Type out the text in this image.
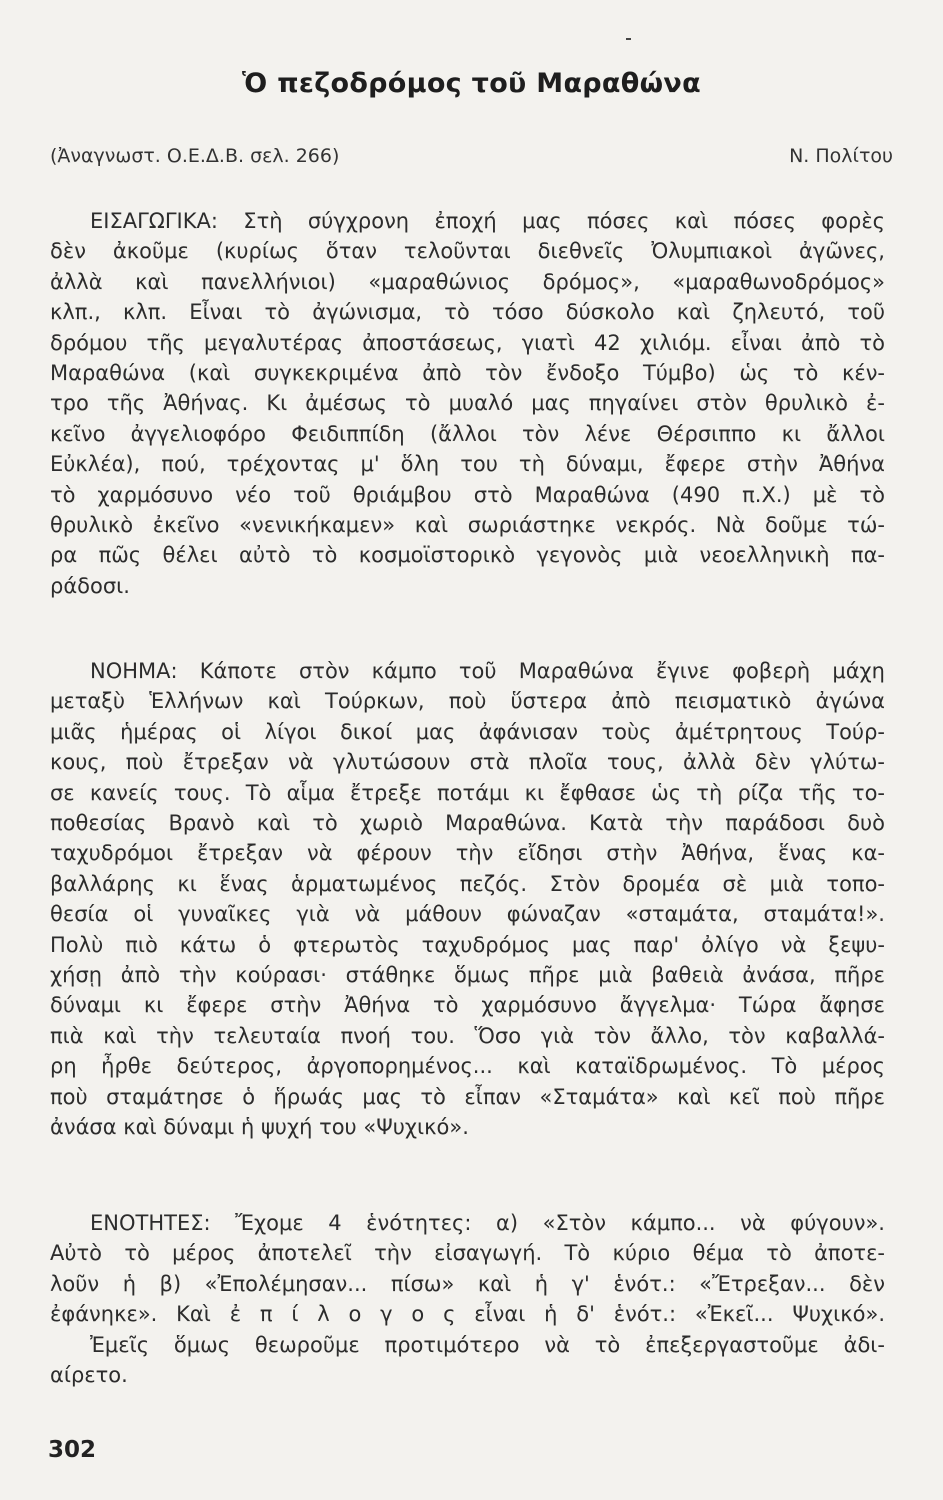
Ὁ πεζοδρόμος τοῦ Μαραθώνα
(Ἀναγνωστ. Ο.Ε.Δ.Β. σελ. 266)	Ν. Πολίτου
ΕΙΣΑΓΩΓΙΚΑ: Στὴ σύγχρονη ἐποχή μας πόσες καὶ πόσες φορὲς
δὲν ἀκοῦμε (κυρίως ὅταν τελοῦνται διεθνεῖς Ὀλυμπιακοὶ ἀγῶνες,
ἀλλὰ καὶ πανελλήνιοι) «μαραθώνιος δρόμος», «μαραθωνοδρόμος»
κλπ., κλπ. Εἶναι τὸ ἀγώνισμα, τὸ τόσο δύσκολο καὶ ζηλευτό, τοῦ
δρόμου τῆς μεγαλυτέρας ἀποστάσεως, γιατὶ 42 χιλιόμ. εἶναι ἀπὸ τὸ
Μαραθώνα (καὶ συγκεκριμένα ἀπὸ τὸν ἔνδοξο Τύμβο) ὡς τὸ κέν-
τρο τῆς Ἀθήνας. Κι ἀμέσως τὸ μυαλό μας πηγαίνει στὸν θρυλικὸ ἐ-
κεῖνο ἀγγελιοφόρο Φειδιππίδη (ἄλλοι τὸν λένε Θέρσιππο κι ἄλλοι
Εὐκλέα), πού, τρέχοντας μ' ὅλη του τὴ δύναμι, ἔφερε στὴν Ἀθήνα
τὸ χαρμόσυνο νέο τοῦ θριάμβου στὸ Μαραθώνα (490 π.Χ.) μὲ τὸ
θρυλικὸ ἐκεῖνο «νενικήκαμεν» καὶ σωριάστηκε νεκρός. Νὰ δοῦμε τώ-
ρα πῶς θέλει αὐτὸ τὸ κοσμοϊστορικὸ γεγονὸς μιὰ νεοελληνικὴ πα-
ράδοσι.
ΝΟΗΜΑ: Κάποτε στὸν κάμπο τοῦ Μαραθώνα ἔγινε φοβερὴ μάχη
μεταξὺ Ἑλλήνων καὶ Τούρκων, ποὺ ὕστερα ἀπὸ πεισματικὸ ἀγώνα
μιᾶς ἡμέρας οἱ λίγοι δικοί μας ἀφάνισαν τοὺς ἀμέτρητους Τούρ-
κους, ποὺ ἔτρεξαν νὰ γλυτώσουν στὰ πλοῖα τους, ἀλλὰ δὲν γλύτω-
σε κανείς τους. Τὸ αἷμα ἔτρεξε ποτάμι κι ἔφθασε ὡς τὴ ρίζα τῆς το-
ποθεσίας Βρανὸ καὶ τὸ χωριὸ Μαραθώνα. Κατὰ τὴν παράδοσι δυὸ
ταχυδρόμοι ἔτρεξαν νὰ φέρουν τὴν εἴδησι στὴν Ἀθήνα, ἕνας κα-
βαλλάρης κι ἕνας ἁρματωμένος πεζός. Στὸν δρομέα σὲ μιὰ τοπο-
θεσία οἱ γυναῖκες γιὰ νὰ μάθουν φώναζαν «σταμάτα, σταμάτα!».
Πολὺ πιὸ κάτω ὁ φτερωτὸς ταχυδρόμος μας παρ' ὀλίγο νὰ ξεψυ-
χήσῃ ἀπὸ τὴν κούρασι· στάθηκε ὅμως πῆρε μιὰ βαθειὰ ἀνάσα, πῆρε
δύναμι κι ἔφερε στὴν Ἀθήνα τὸ χαρμόσυνο ἄγγελμα· Τώρα ἄφησε
πιὰ καὶ τὴν τελευταία πνοή του. Ὅσο γιὰ τὸν ἄλλο, τὸν καβαλλά-
ρη ἦρθε δεύτερος, ἀργοπορημένος... καὶ καταϊδρωμένος. Τὸ μέρος
ποὺ σταμάτησε ὁ ἥρωάς μας τὸ εἶπαν «Σταμάτα» καὶ κεῖ ποὺ πῆρε
ἀνάσα καὶ δύναμι ἡ ψυχή του «Ψυχικό».
ΕΝΟΤΗΤΕΣ: Ἔχομε 4 ἑνότητες: α) «Στὸν κάμπο... νὰ φύγουν».
Αὐτὸ τὸ μέρος ἀποτελεῖ τὴν εἰσαγωγή. Τὸ κύριο θέμα τὸ ἀποτε-
λοῦν ἡ β) «Ἐπολέμησαν... πίσω» καὶ ἡ γ' ἑνότ.: «Ἔτρεξαν... δὲν
ἐφάνηκε». Καὶ ἐ π ί λ ο γ ο ς εἶναι ἡ δ' ἑνότ.: «Ἐκεῖ... Ψυχικό».
Ἐμεῖς ὅμως θεωροῦμε προτιμότερο νὰ τὸ ἐπεξεργαστοῦμε ἀδι-
αίρετο.
302
